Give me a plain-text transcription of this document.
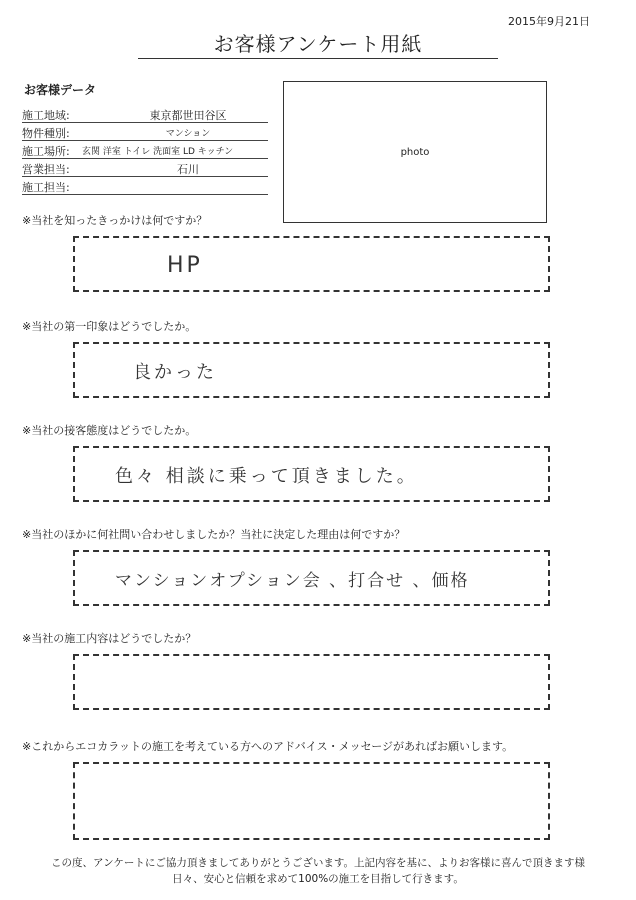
2015年9月21日
お客様アンケート用紙
お客様データ
施工地域:	東京都世田谷区
物件種別:	マンション
施工場所: 玄関 洋室 トイレ 洗面室 LD キッチン
営業担当:	石川
施工担当:
photo
※当社を知ったきっかけは何ですか？
HP
※当社の第一印象はどうでしたか。
良かった
※当社の接客態度はどうでしたか。
色々 相談に乗って頂きました。
※当社のほかに何社問い合わせしましたか？当社に決定した理由は何ですか？
マンションオプション会 、打合せ 、価格
※当社の施工内容はどうでしたか？
※これからエコカラットの施工を考えている方へのアドバイス・メッセージがあればお願いします。
この度、アンケートにご協力頂きましてありがとうございます。上記内容を基に、よりお客様に喜んで頂きます様
日々、安心と信頼を求めて100%の施工を目指して行きます。
